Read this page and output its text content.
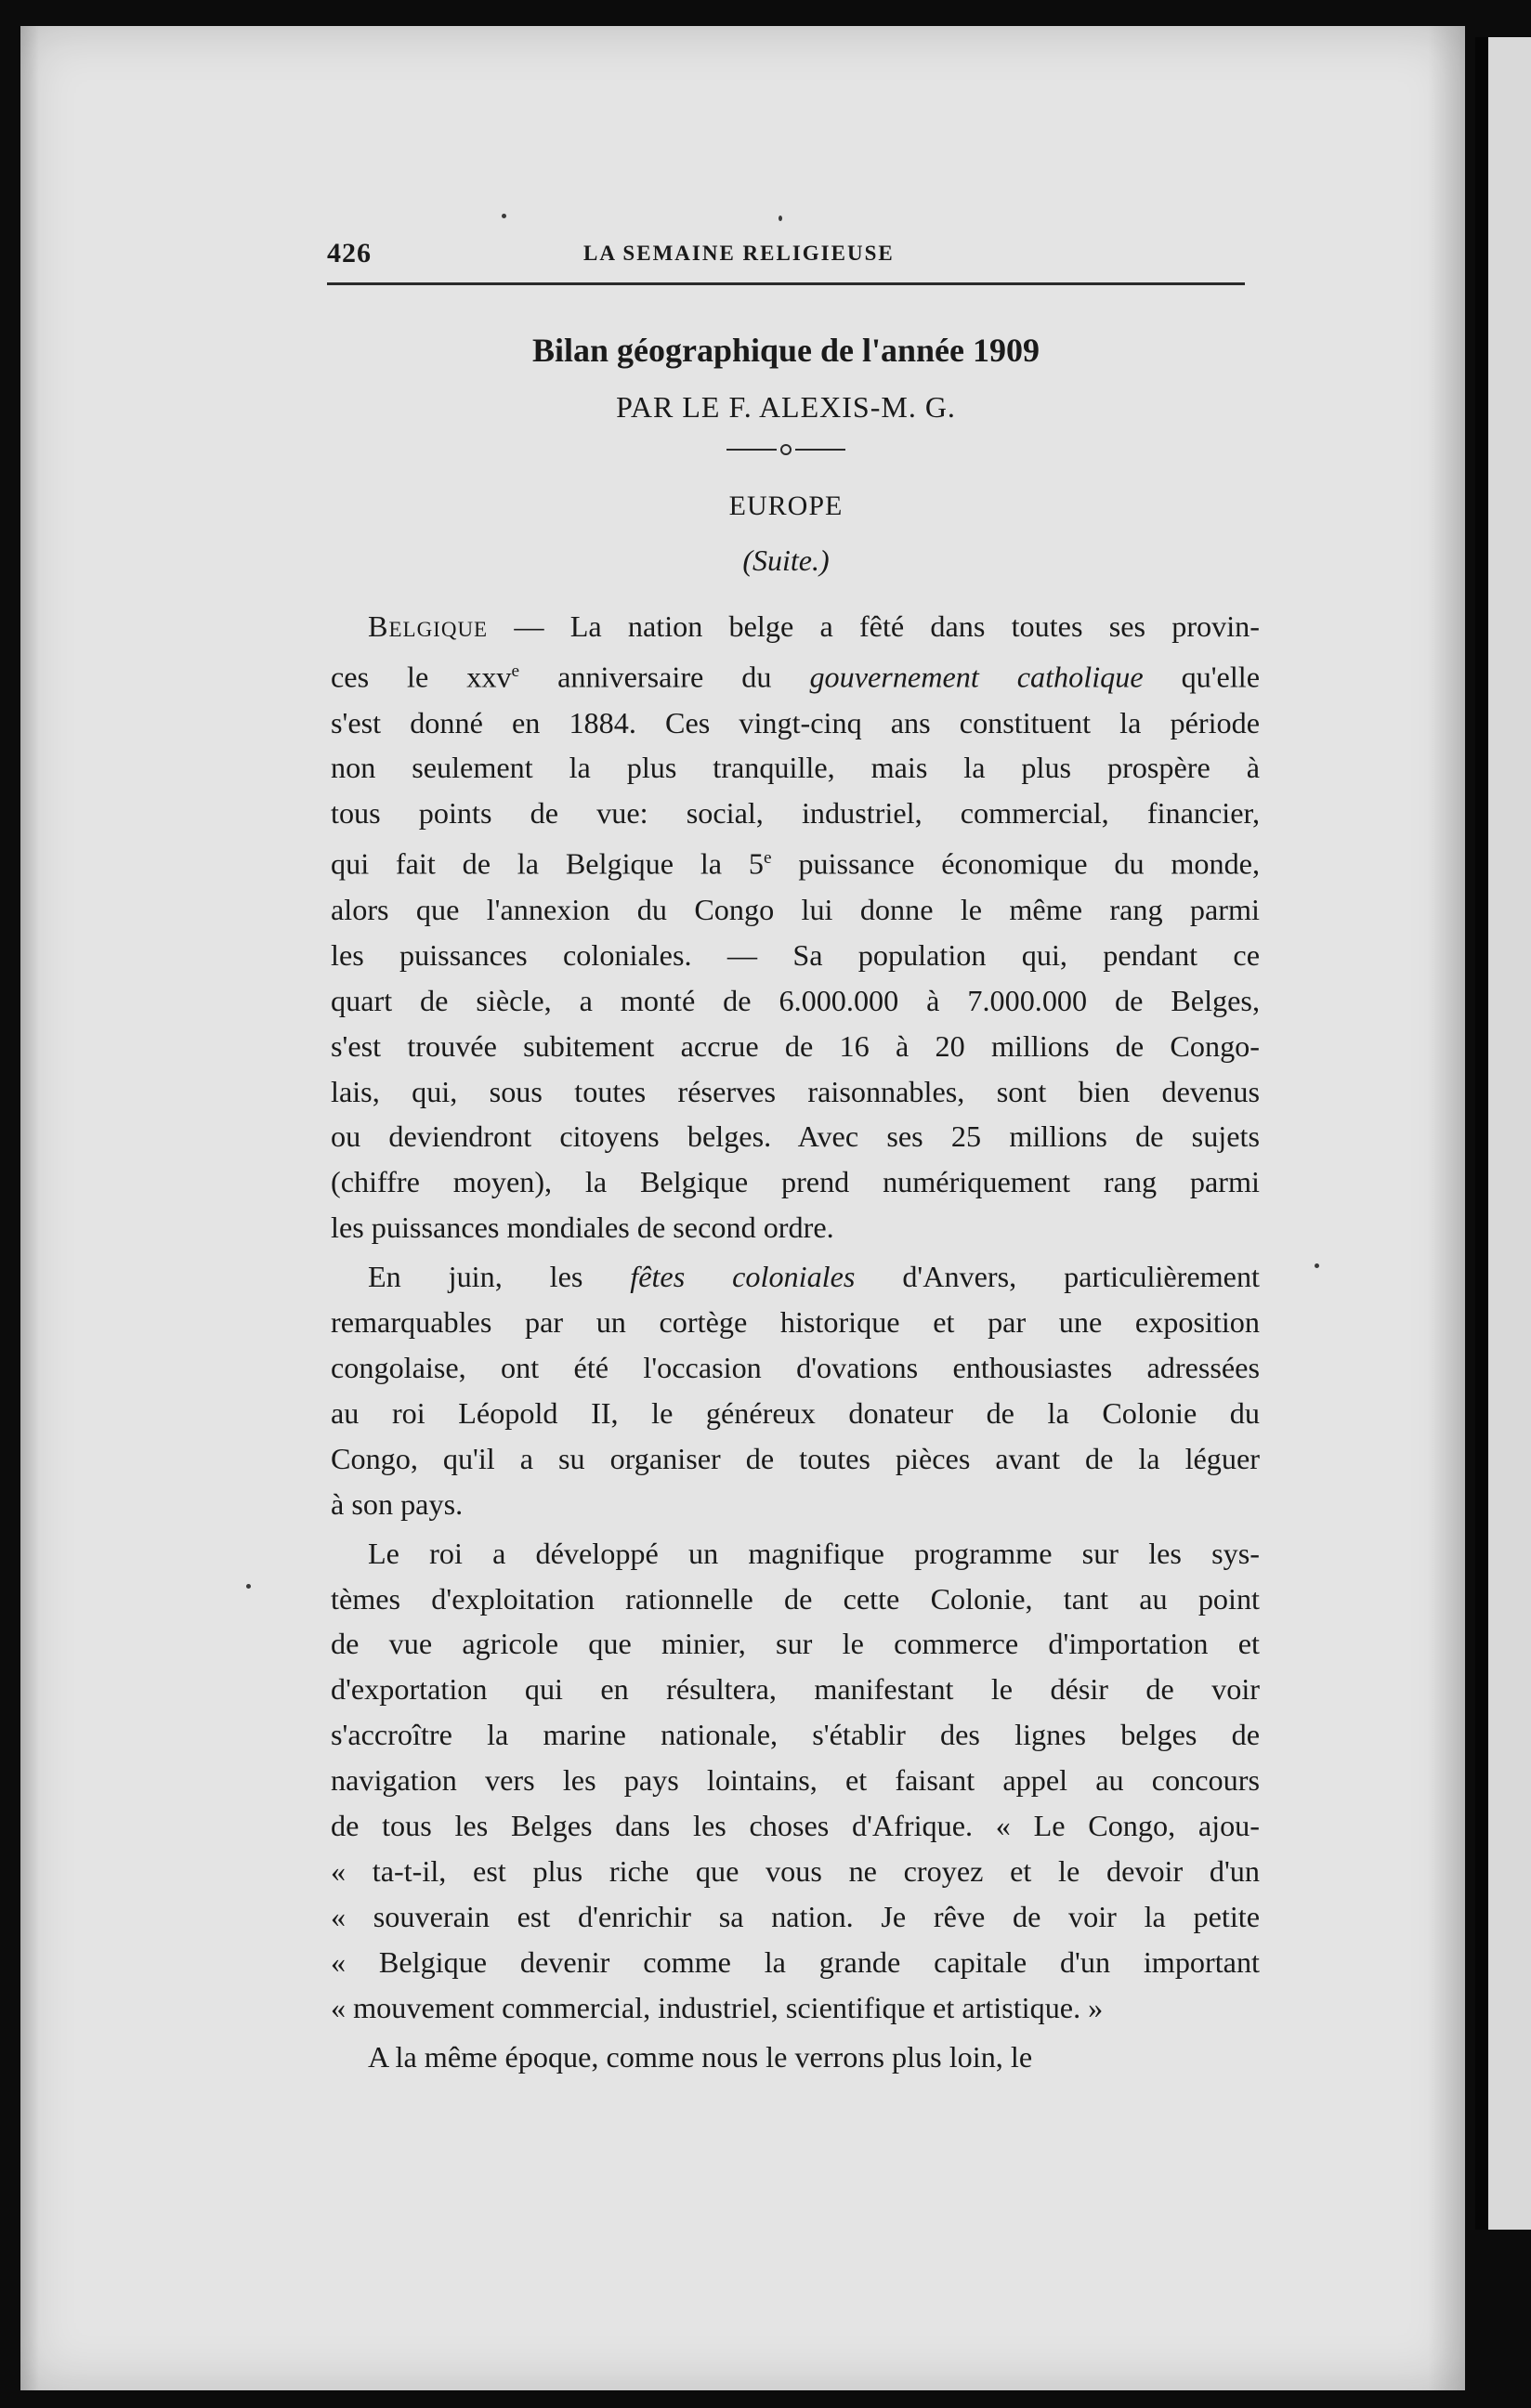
426	LA SEMAINE RELIGIEUSE
Bilan géographique de l'année 1909
PAR LE F. ALEXIS-M. G.
EUROPE
(Suite.)

Belgique — La nation belge a fêté dans toutes ses provin-
ces le xxv$^e$ anniversaire du gouvernement catholique qu'elle
s'est donné en 1884. Ces vingt-cinq ans constituent la période
non seulement la plus tranquille, mais la plus prospère à
tous points de vue: social, industriel, commercial, financier,
qui fait de la Belgique la 5e puissance économique du monde,
alors que l'annexion du Congo lui donne le même rang parmi
les puissances coloniales. — Sa population qui, pendant ce
quart de siècle, a monté de 6.000.000 à 7.000.000 de Belges,
s'est trouvée subitement accrue de 16 à 20 millions de Congo-
lais, qui, sous toutes réserves raisonnables, sont bien devenus
ou deviendront citoyens belges. Avec ses 25 millions de sujets
(chiffre moyen), la Belgique prend numériquement rang parmi
les puissances mondiales de second ordre.

En juin, les fêtes coloniales d'Anvers, particulièrement
remarquables par un cortège historique et par une exposition
congolaise, ont été l'occasion d'ovations enthousiastes adressées
au roi Léopold II, le généreux donateur de la Colonie du
Congo, qu'il a su organiser de toutes pièces avant de la léguer
à son pays.

Le roi a développé un magnifique programme sur les sys-
tèmes d'exploitation rationnelle de cette Colonie, tant au point
de vue agricole que minier, sur le commerce d'importation et
d'exportation qui en résultera, manifestant le désir de voir
s'accroître la marine nationale, s'établir des lignes belges de
navigation vers les pays lointains, et faisant appel au concours
de tous les Belges dans les choses d'Afrique. « Le Congo, ajou-
« ta-t-il, est plus riche que vous ne croyez et le devoir d'un
« souverain est d'enrichir sa nation. Je rêve de voir la petite
« Belgique devenir comme la grande capitale d'un important
« mouvement commercial, industriel, scientifique et artistique. »

A la même époque, comme nous le verrons plus loin, le
